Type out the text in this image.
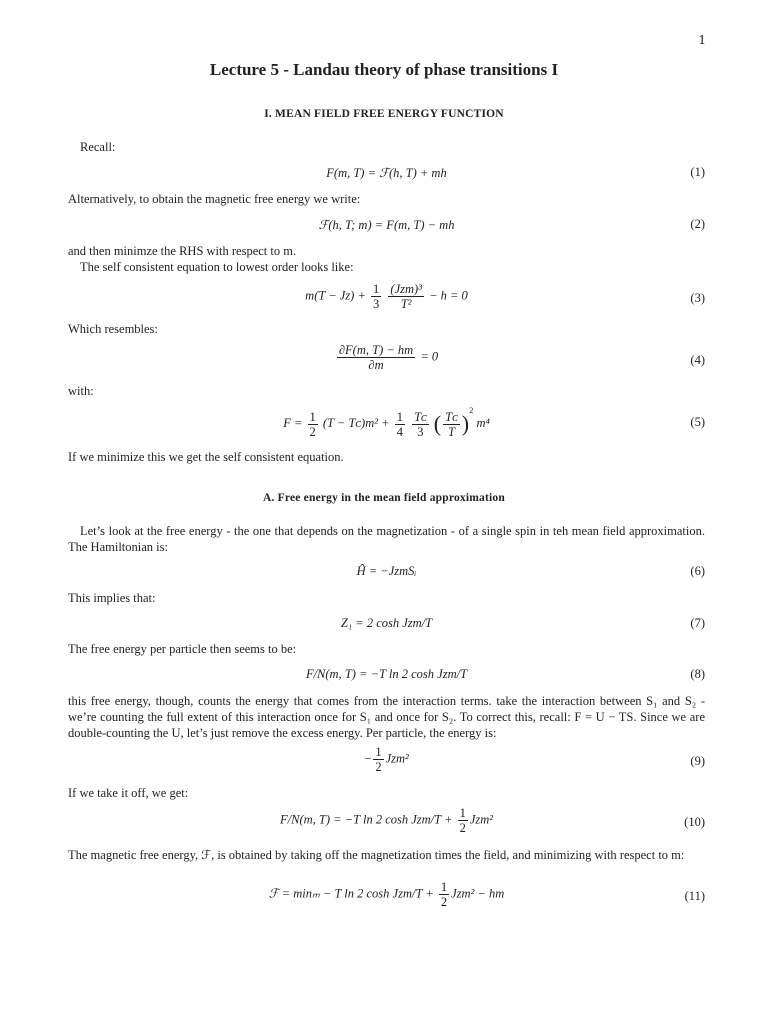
1
Lecture 5 - Landau theory of phase transitions I
I. MEAN FIELD FREE ENERGY FUNCTION
Recall:
F(m, T) = ℱ(h, T) + mh	(1)
Alternatively, to obtain the magnetic free energy we write:
ℱ(h, T; m) = F(m, T) − mh	(2)
and then minimze the RHS with respect to m.
The self consistent equation to lowest order looks like:
$m(T - Jz) + \frac{1}{3}$
$\frac{\text{(Jzm)³}}{\text{T²}} - h = 0$	(3)
Which resembles:
$\frac{\partial F(m, T) - hm}{\partial m} = 0$	(4)
with:
$F = \frac{1}{2} (T$ − Tᴄ)m² + $\frac{1}{4}$
$\frac{\text{Tᴄ}}{3}$ ( $\frac{\text{Tᴄ}}{T} )^2$ m⁴	(5)
If we minimize this we get the self consistent equation.
A. Free energy in the mean field approximation
Let’s look at the free energy - the one that depends on the magnetization - of a single spin in teh mean field approximation. The Hamiltonian is:
Ĥ = −JzmSᵢ	(6)
This implies that:
Z₁ = 2 cosh Jzm/T	(7)
The free energy per particle then seems to be:
F/N(m, T) = −T ln 2 cosh Jzm/T	(8)
this free energy, though, counts the energy that comes from the interaction terms. take the interaction between S₁ and S₂ - we’re counting the full extent of this interaction once for S₁ and once for S₂. To correct this, recall: F = U − TS. Since we are double-counting the U, let’s just remove the excess energy. Per particle, the energy is:
− $\frac{1}{2} Jzm^2$	(9)
If we take it off, we get:
F/N(m, T) = −T ln 2 $\cosh Jzm/T + \frac{1}{2} Jzm^2$	(10)
The magnetic free energy, ℱ, is obtained by taking off the magnetization times the field, and minimizing with respect to m:
ℱ = minₘ − T ln 2 $\cosh Jzm/T + \frac{1}{2} Jzm^2$ − hm	(11)
